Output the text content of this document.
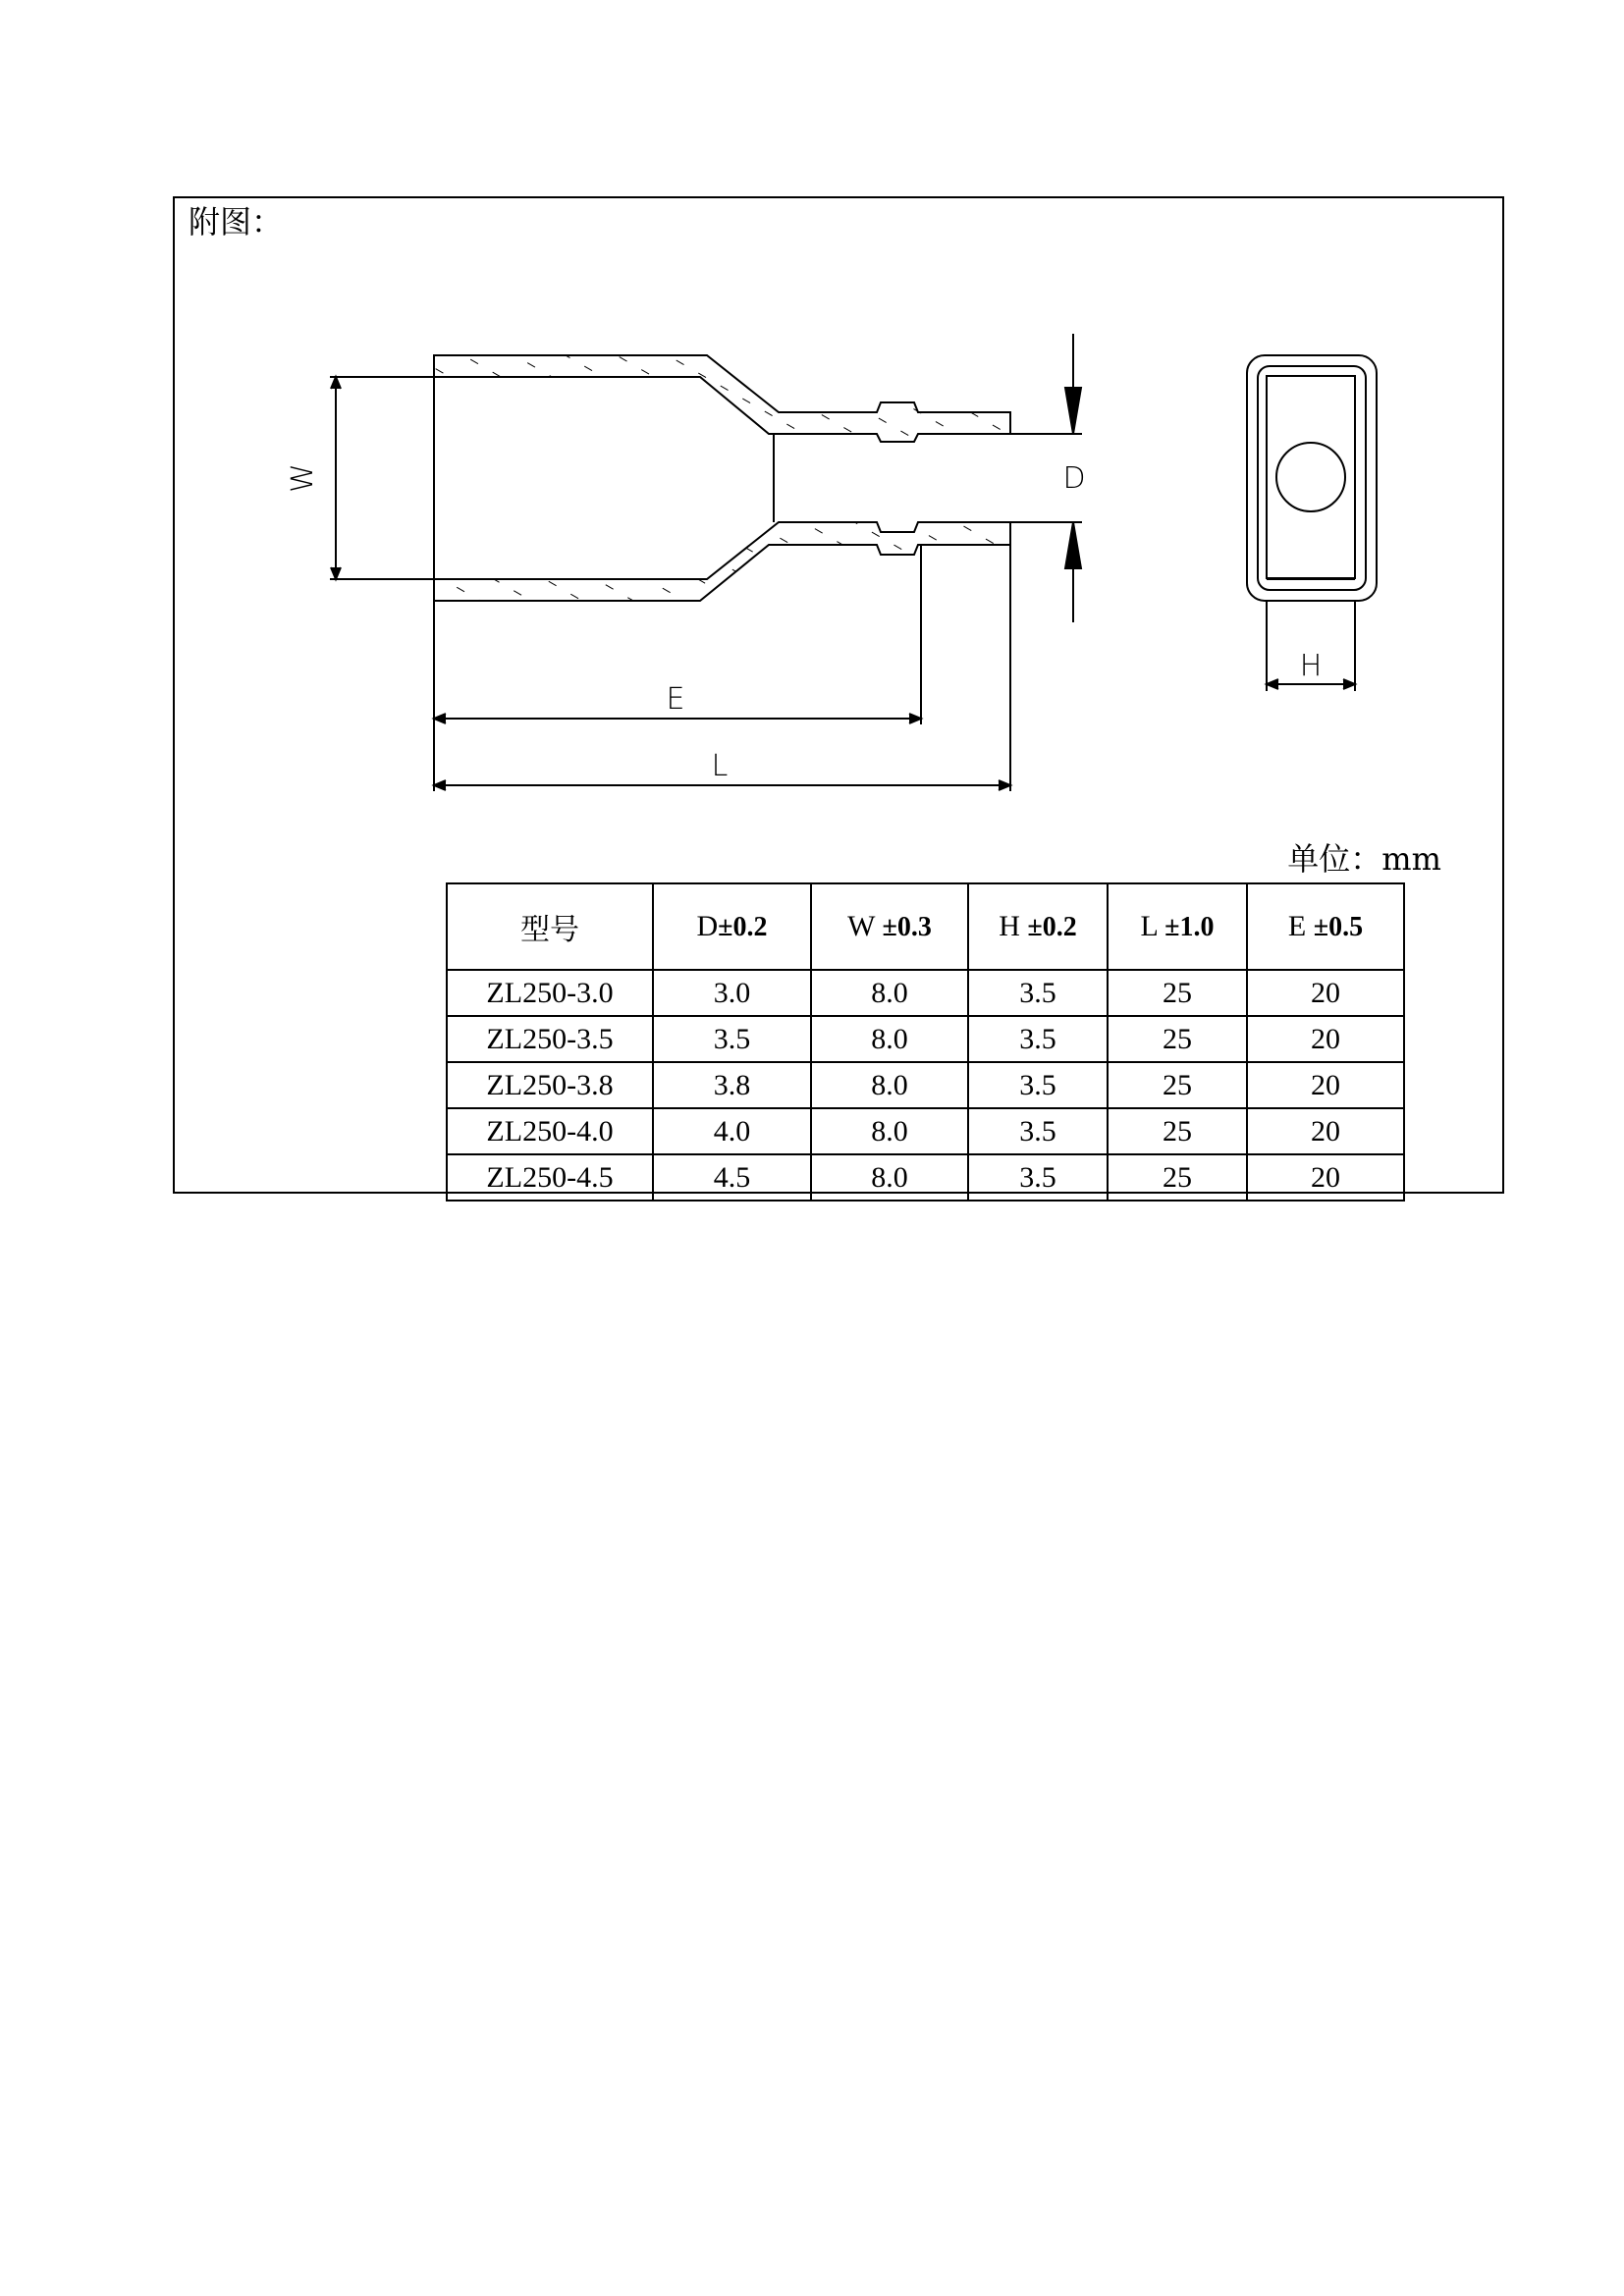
附图：
W	D
E
L
H
单位：mm
型号	D±0.2	W ±0.3	H ±0.2	L ±1.0	E ±0.5
ZL250-3.0	3.0	8.0	3.5	25	20
ZL250-3.5	3.5	8.0	3.5	25	20
ZL250-3.8	3.8	8.0	3.5	25	20
ZL250-4.0	4.0	8.0	3.5	25	20
ZL250-4.5	4.5	8.0	3.5	25	20
